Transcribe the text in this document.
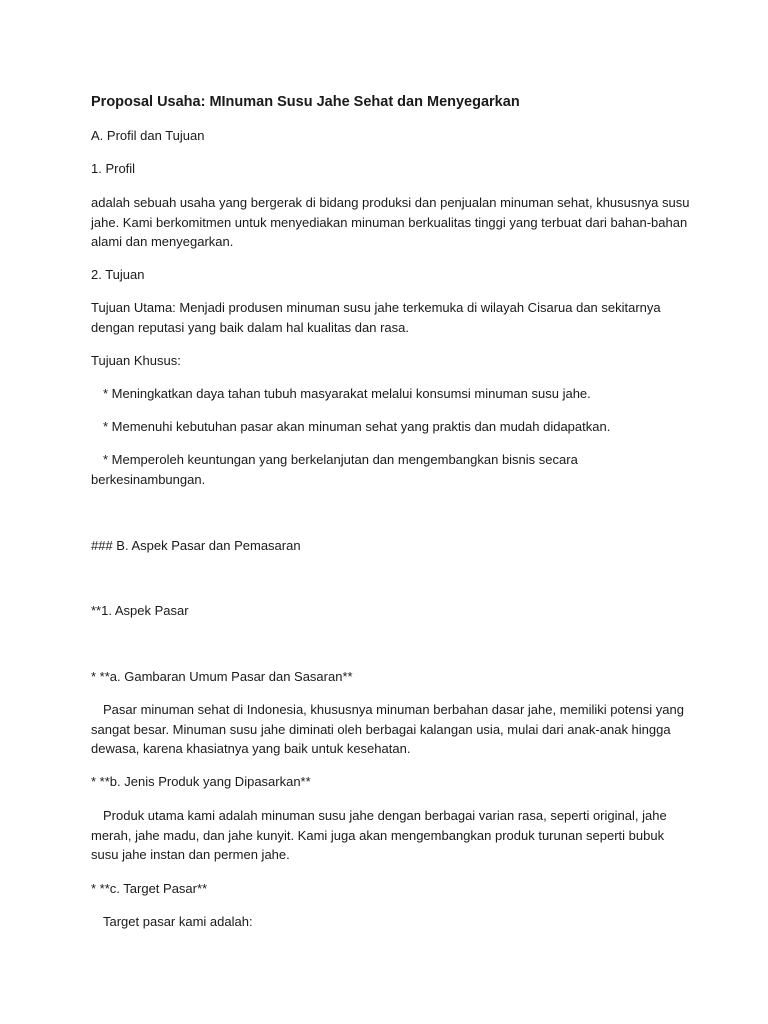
Proposal Usaha: MInuman Susu Jahe Sehat dan Menyegarkan

A. Profil dan Tujuan

1. Profil

adalah sebuah usaha yang bergerak di bidang produksi dan penjualan minuman sehat, khususnya susu jahe. Kami berkomitmen untuk menyediakan minuman berkualitas tinggi yang terbuat dari bahan-bahan alami dan menyegarkan.

2. Tujuan

Tujuan Utama: Menjadi produsen minuman susu jahe terkemuka di wilayah Cisarua dan sekitarnya dengan reputasi yang baik dalam hal kualitas dan rasa.

Tujuan Khusus:

* Meningkatkan daya tahan tubuh masyarakat melalui konsumsi minuman susu jahe.

* Memenuhi kebutuhan pasar akan minuman sehat yang praktis dan mudah didapatkan.

* Memperoleh keuntungan yang berkelanjutan dan mengembangkan bisnis secara berkesinambungan.

### B. Aspek Pasar dan Pemasaran

**1. Aspek Pasar

* **a. Gambaran Umum Pasar dan Sasaran**

Pasar minuman sehat di Indonesia, khususnya minuman berbahan dasar jahe, memiliki potensi yang sangat besar. Minuman susu jahe diminati oleh berbagai kalangan usia, mulai dari anak-anak hingga dewasa, karena khasiatnya yang baik untuk kesehatan.

* **b. Jenis Produk yang Dipasarkan**

Produk utama kami adalah minuman susu jahe dengan berbagai varian rasa, seperti original, jahe merah, jahe madu, dan jahe kunyit. Kami juga akan mengembangkan produk turunan seperti bubuk susu jahe instan dan permen jahe.

* **c. Target Pasar**

Target pasar kami adalah:
